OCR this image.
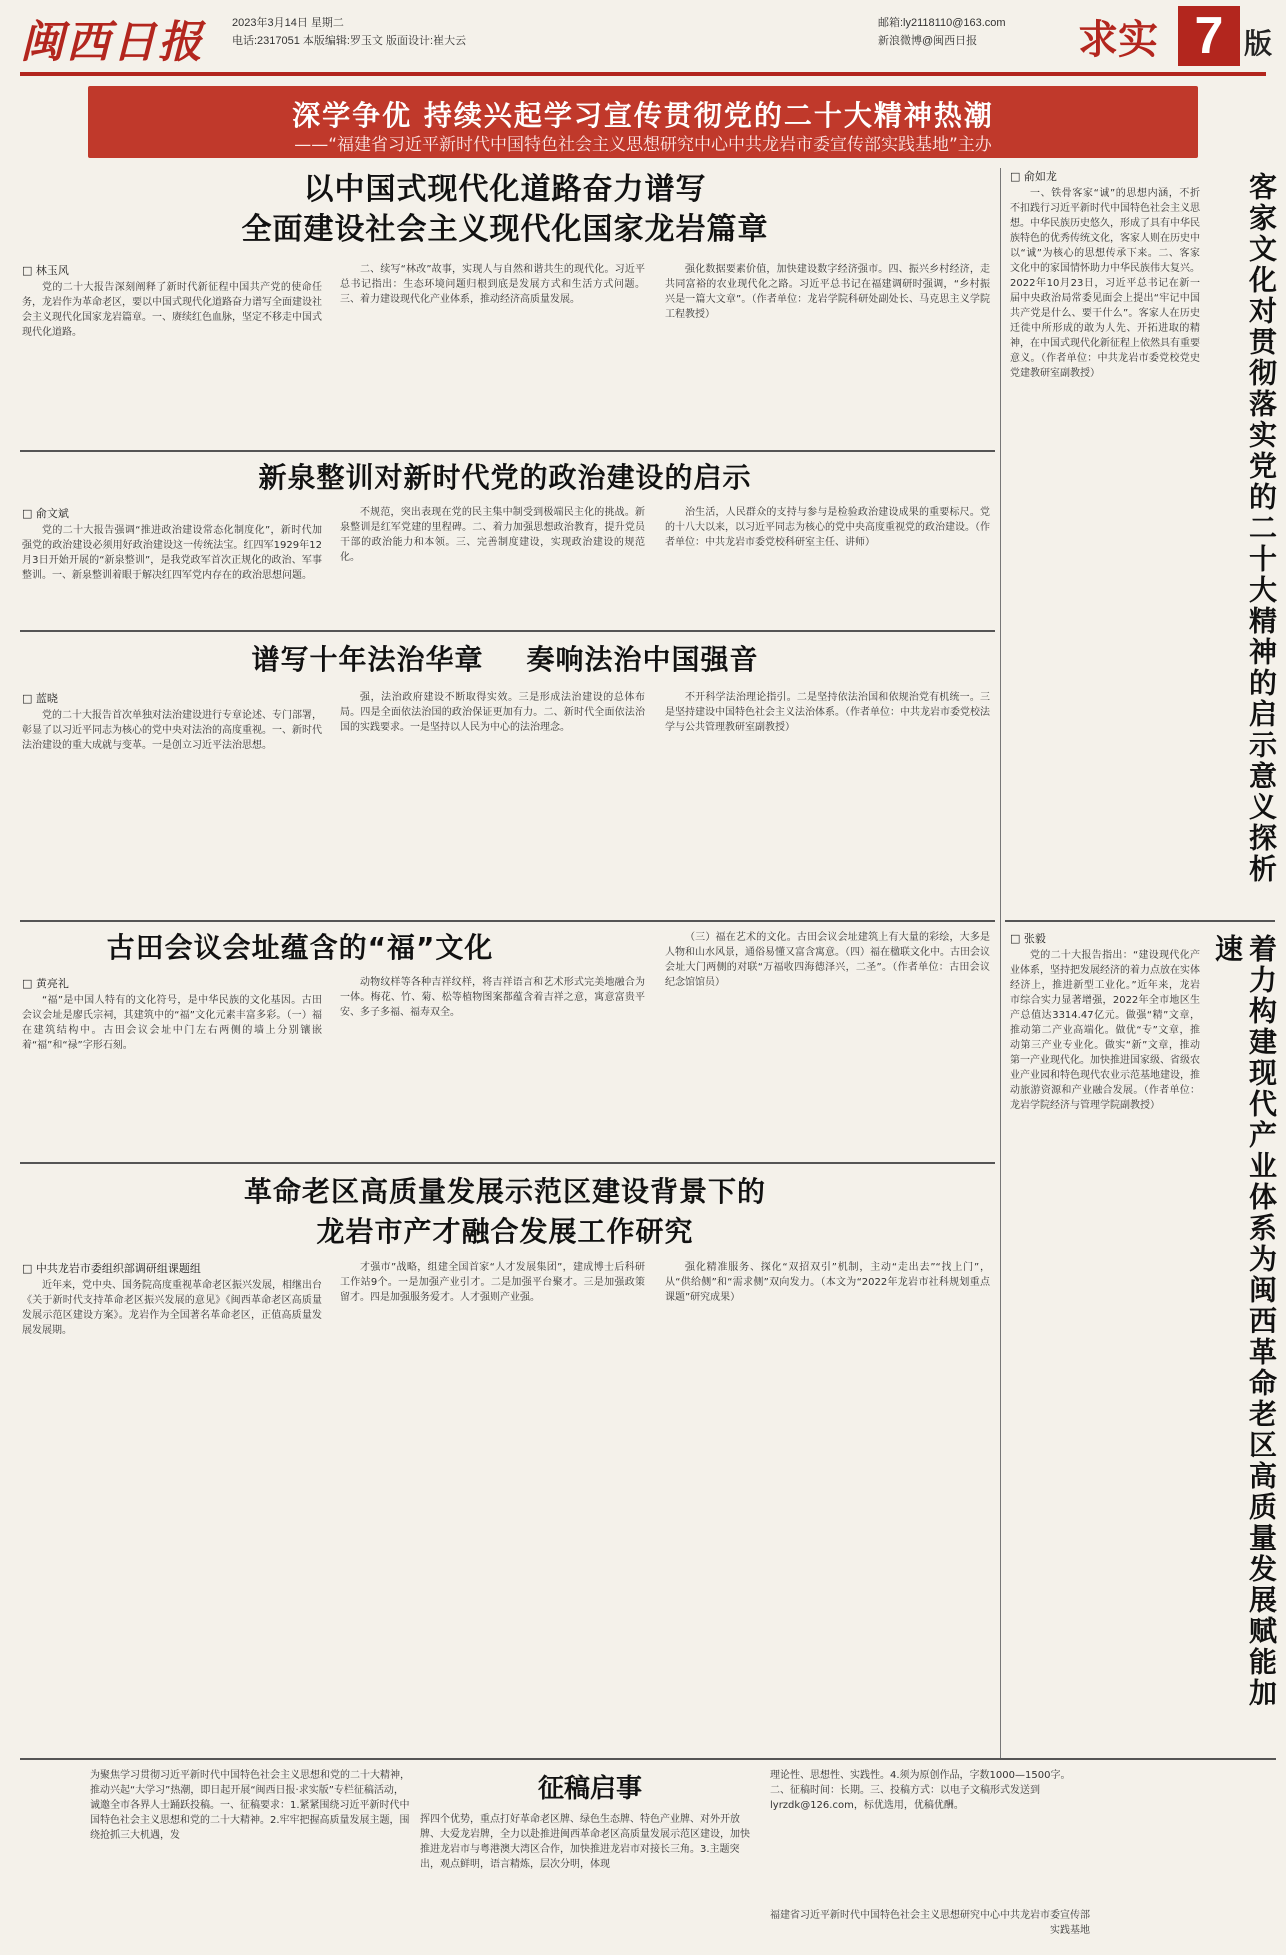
闽西日报	2023年3月14日 星期二
电话:2317051 本版编辑:罗玉文 版面设计:崔大云
邮箱:ly2118110@163.com
新浪微博@闽西日报	求实 7 版
深学争优 持续兴起学习宣传贯彻党的二十大精神热潮
——“福建省习近平新时代中国特色社会主义思想研究中心中共龙岩市委宣传部实践基地”主办
以中国式现代化道路奋力谱写
全面建设社会主义现代化国家龙岩篇章
□ 林玉风

党的二十大报告深刻阐释了新时代新征程中国共产党的使命任务，龙岩作为革命老区，要以中国式现代化道路奋力谱写全面建设社会主义现代化国家龙岩篇章。一、赓续红色血脉，坚定不移走中国式现代化道路。

二、续写“林改”故事，实现人与自然和谐共生的现代化。习近平总书记指出：生态环境问题归根到底是发展方式和生活方式问题。三、着力建设现代化产业体系，推动经济高质量发展。

强化数据要素价值，加快建设数字经济强市。四、振兴乡村经济，走共同富裕的农业现代化之路。习近平总书记在福建调研时强调，“乡村振兴是一篇大文章”。（作者单位：龙岩学院科研处副处长、马克思主义学院工程教授）

新泉整训对新时代党的政治建设的启示
□ 俞文斌

党的二十大报告强调“推进政治建设常态化制度化”，新时代加强党的政治建设必须用好政治建设这一传统法宝。红四军1929年12月3日开始开展的“新泉整训”，是我党政军首次正规化的政治、军事整训。一、新泉整训着眼于解决红四军党内存在的政治思想问题。

不规范，突出表现在党的民主集中制受到极端民主化的挑战。新泉整训是红军党建的里程碑。二、着力加强思想政治教育，提升党员干部的政治能力和本领。三、完善制度建设，实现政治建设的规范化。

治生活，人民群众的支持与参与是检验政治建设成果的重要标尺。党的十八大以来，以习近平同志为核心的党中央高度重视党的政治建设。（作者单位：中共龙岩市委党校科研室主任、讲师）

谱写十年法治华章    奏响法治中国强音
□ 蓝晓

党的二十大报告首次单独对法治建设进行专章论述、专门部署，彰显了以习近平同志为核心的党中央对法治的高度重视。一、新时代法治建设的重大成就与变革。一是创立习近平法治思想。

强，法治政府建设不断取得实效。三是形成法治建设的总体布局。四是全面依法治国的政治保证更加有力。二、新时代全面依法治国的实践要求。一是坚持以人民为中心的法治理念。

不开科学法治理论指引。二是坚持依法治国和依规治党有机统一。三是坚持建设中国特色社会主义法治体系。（作者单位：中共龙岩市委党校法学与公共管理教研室副教授）

古田会议会址蕴含的“福”文化
□ 黄亮礼

“福”是中国人特有的文化符号，是中华民族的文化基因。古田会议会址是廖氏宗祠，其建筑中的“福”文化元素丰富多彩。（一）福在建筑结构中。古田会议会址中门左右两侧的墙上分别镶嵌着“福”和“禄”字形石刻。

动物纹样等各种吉祥纹样，将吉祥语言和艺术形式完美地融合为一体。梅花、竹、菊、松等植物图案都蕴含着吉祥之意，寓意富贵平安、多子多福、福寿双全。

（三）福在艺术的文化。古田会议会址建筑上有大量的彩绘，大多是人物和山水风景，通俗易懂又富含寓意。（四）福在楹联文化中。古田会议会址大门两侧的对联“万福收四海德泽兴，二圣”。（作者单位：古田会议纪念馆馆员）

革命老区高质量发展示范区建设背景下的
龙岩市产才融合发展工作研究
□ 中共龙岩市委组织部调研组课题组

近年来，党中央、国务院高度重视革命老区振兴发展，相继出台《关于新时代支持革命老区振兴发展的意见》《闽西革命老区高质量发展示范区建设方案》。龙岩作为全国著名革命老区，正值高质量发展发展期。

才强市”战略，组建全国首家“人才发展集团”，建成博士后科研工作站9个。一是加强产业引才。二是加强平台聚才。三是加强政策留才。四是加强服务爱才。人才强则产业强。

强化精准服务、探化“双招双引”机制，主动“走出去”“找上门”，从“供给侧”和“需求侧”双向发力。（本文为“2022年龙岩市社科规划重点课题”研究成果）

□ 俞如龙

一、铁骨客家“诚”的思想内涵，不折不扣践行习近平新时代中国特色社会主义思想。中华民族历史悠久，形成了具有中华民族特色的优秀传统文化，客家人则在历史中以“诚”为核心的思想传承下来。二、客家文化中的家国情怀助力中华民族伟大复兴。2022年10月23日，习近平总书记在新一届中央政治局常委见面会上提出“牢记中国共产党是什么、要干什么”。客家人在历史迁徙中所形成的敢为人先、开拓进取的精神，在中国式现代化新征程上依然具有重要意义。（作者单位：中共龙岩市委党校党史党建教研室副教授）	客家文化对贯彻落实党的二十大精神的启示意义探析
□ 张毅

党的二十大报告指出：“建设现代化产业体系，坚持把发展经济的着力点放在实体经济上，推进新型工业化。”近年来，龙岩市综合实力显著增强，2022年全市地区生产总值达3314.47亿元。做强“精”文章，推动第二产业高端化。做优“专”文章，推动第三产业专业化。做实“新”文章，推动第一产业现代化。加快推进国家级、省级农业产业园和特色现代农业示范基地建设，推动旅游资源和产业融合发展。（作者单位：龙岩学院经济与管理学院副教授）	着力构建现代产业体系为闽西革命老区高质量发展赋能加速
征稿启事

为聚焦学习贯彻习近平新时代中国特色社会主义思想和党的二十大精神，推动兴起“大学习”热潮，即日起开展“闽西日报·求实版”专栏征稿活动，诚邀全市各界人士踊跃投稿。一、征稿要求：1.紧紧围绕习近平新时代中国特色社会主义思想和党的二十大精神。2.牢牢把握高质量发展主题，围绕抢抓三大机遇，发

挥四个优势，重点打好革命老区牌、绿色生态牌、特色产业牌、对外开放牌、大爱龙岩牌，全力以赴推进闽西革命老区高质量发展示范区建设，加快推进龙岩市与粤港澳大湾区合作，加快推进龙岩市对接长三角。3.主题突出，观点鲜明，语言精炼，层次分明，体现

理论性、思想性、实践性。4.须为原创作品，字数1000—1500字。二、征稿时间：长期。三、投稿方式：以电子文稿形式发送到lyrzdk@126.com，标优选用，优稿优酬。

福建省习近平新时代中国特色社会主义思想研究中心中共龙岩市委宣传部实践基地
